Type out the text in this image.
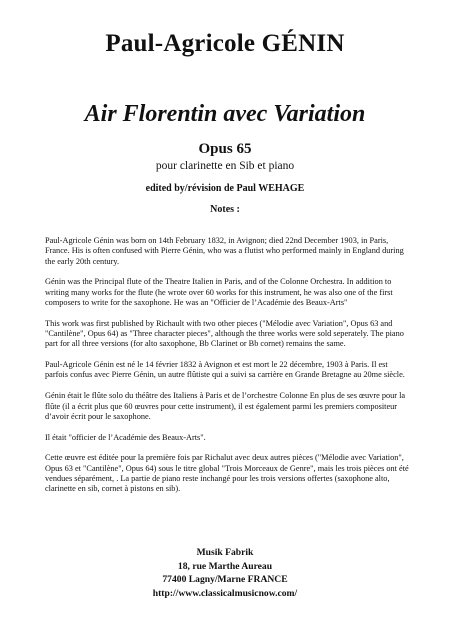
Paul-Agricole GÉNIN
Air Florentin avec Variation
Opus 65
pour clarinette en Sib et piano
edited by/révision de Paul WEHAGE
Notes :

Paul-Agricole Génin was born on 14th February 1832, in Avignon; died 22nd December 1903, in Paris, France. His is often confused with Pierre Génin, who was a flutist who performed mainly in England during the early 20th century.

Génin was the Principal flute of the Theatre Italien in Paris, and of the Colonne Orchestra. In addition to writing many works for the flute (he wrote over 60 works for this instrument, he was also one of the first composers to write for the saxophone. He was an "Officier de l’Académie des Beaux-Arts"

This work was first published by Richault with two other pieces ("Mélodie avec Variation", Opus 63 and "Cantilène", Opus 64) as "Three character pieces", although the three works were sold seperately. The piano part for all three versions (for alto saxophone, Bb Clarinet or Bb cornet) remains the same.

Paul-Agricole Génin est né le 14 février 1832 à Avignon et est mort le 22 décembre, 1903 à Paris. Il est parfois confus avec Pierre Génin, un autre flûtiste qui a suivi sa carrière en Grande Bretagne au 20me siècle.

Génin était le flûte solo du théâtre des Italiens à Paris et de l’orchestre Colonne En plus de ses œuvre pour la flûte (il a écrit plus que 60 œuvres pour cette instrument), il est également parmi les premiers compositeur d’avoir écrit pour le saxophone.

Il était "officier de l’Académie des Beaux-Arts".

Cette œuvre est éditée pour la première fois par Richalut avec deux autres pièces ("Mélodie avec Variation", Opus 63 et "Cantilène", Opus 64) sous le titre global "Trois Morceaux de Genre", mais les trois pièces ont été vendues séparément, . La partie de piano reste inchangé pour les trois versions offertes (saxophone alto, clarinette en sib, cornet à pistons en sib).

Musik Fabrik
18, rue Marthe Aureau
77400 Lagny/Marne FRANCE
http://www.classicalmusicnow.com/
